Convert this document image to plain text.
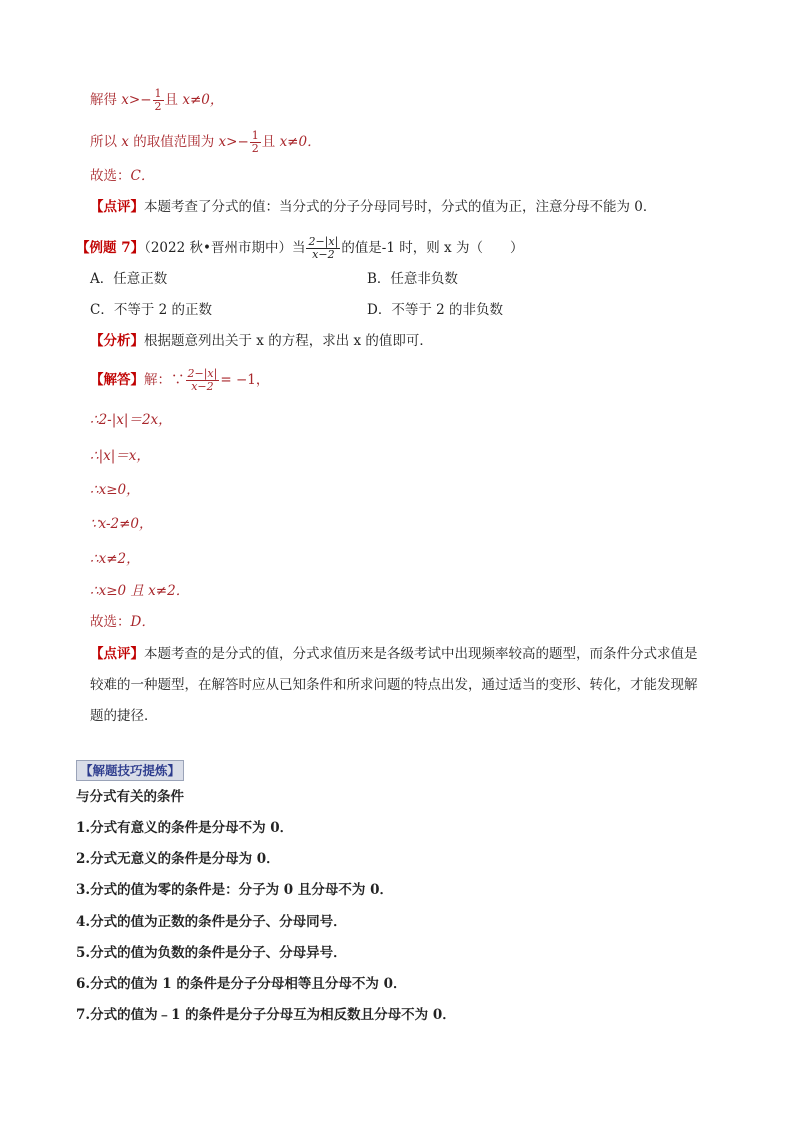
解得 $x>- \frac{1}{2}$ 且 x≠0，
所以 x 的取值范围为 $x>- \frac{1}{2}$ 且 x≠0．
故选：C．
【点评】本题考查了分式的值：当分式的分子分母同号时，分式的值为正，注意分母不能为 0．
【例题 7】（2022 秋•晋州市期中）当 $\frac{2-|x|}{x-2}$ 的值是-1 时，则 x 为（　　）
A．任意正数	B．任意非负数
C．不等于 2 的正数	D．不等于 2 的非负数
【分析】根据题意列出关于 x 的方程，求出 x 的值即可．
【解答】解：∵ $\frac{2-|x|}{x-2} = -1$，
∴2-|x|＝2x，
∴|x|＝x，
∴x≥0，
∵x-2≠0，
∴x≠2，
∴x≥0 且 x≠2．
故选：D．
【点评】本题考查的是分式的值，分式求值历来是各级考试中出现频率较高的题型，而条件分式求值是
较难的一种题型，在解答时应从已知条件和所求问题的特点出发，通过适当的变形、转化，才能发现解
题的捷径．
【解题技巧提炼】
与分式有关的条件
1.分式有意义的条件是分母不为 0．
2.分式无意义的条件是分母为 0．
3.分式的值为零的条件是：分子为 0 且分母不为 0．
4.分式的值为正数的条件是分子、分母同号．
5.分式的值为负数的条件是分子、分母异号．
6.分式的值为 1 的条件是分子分母相等且分母不为 0．
7.分式的值为﹣1 的条件是分子分母互为相反数且分母不为 0．
